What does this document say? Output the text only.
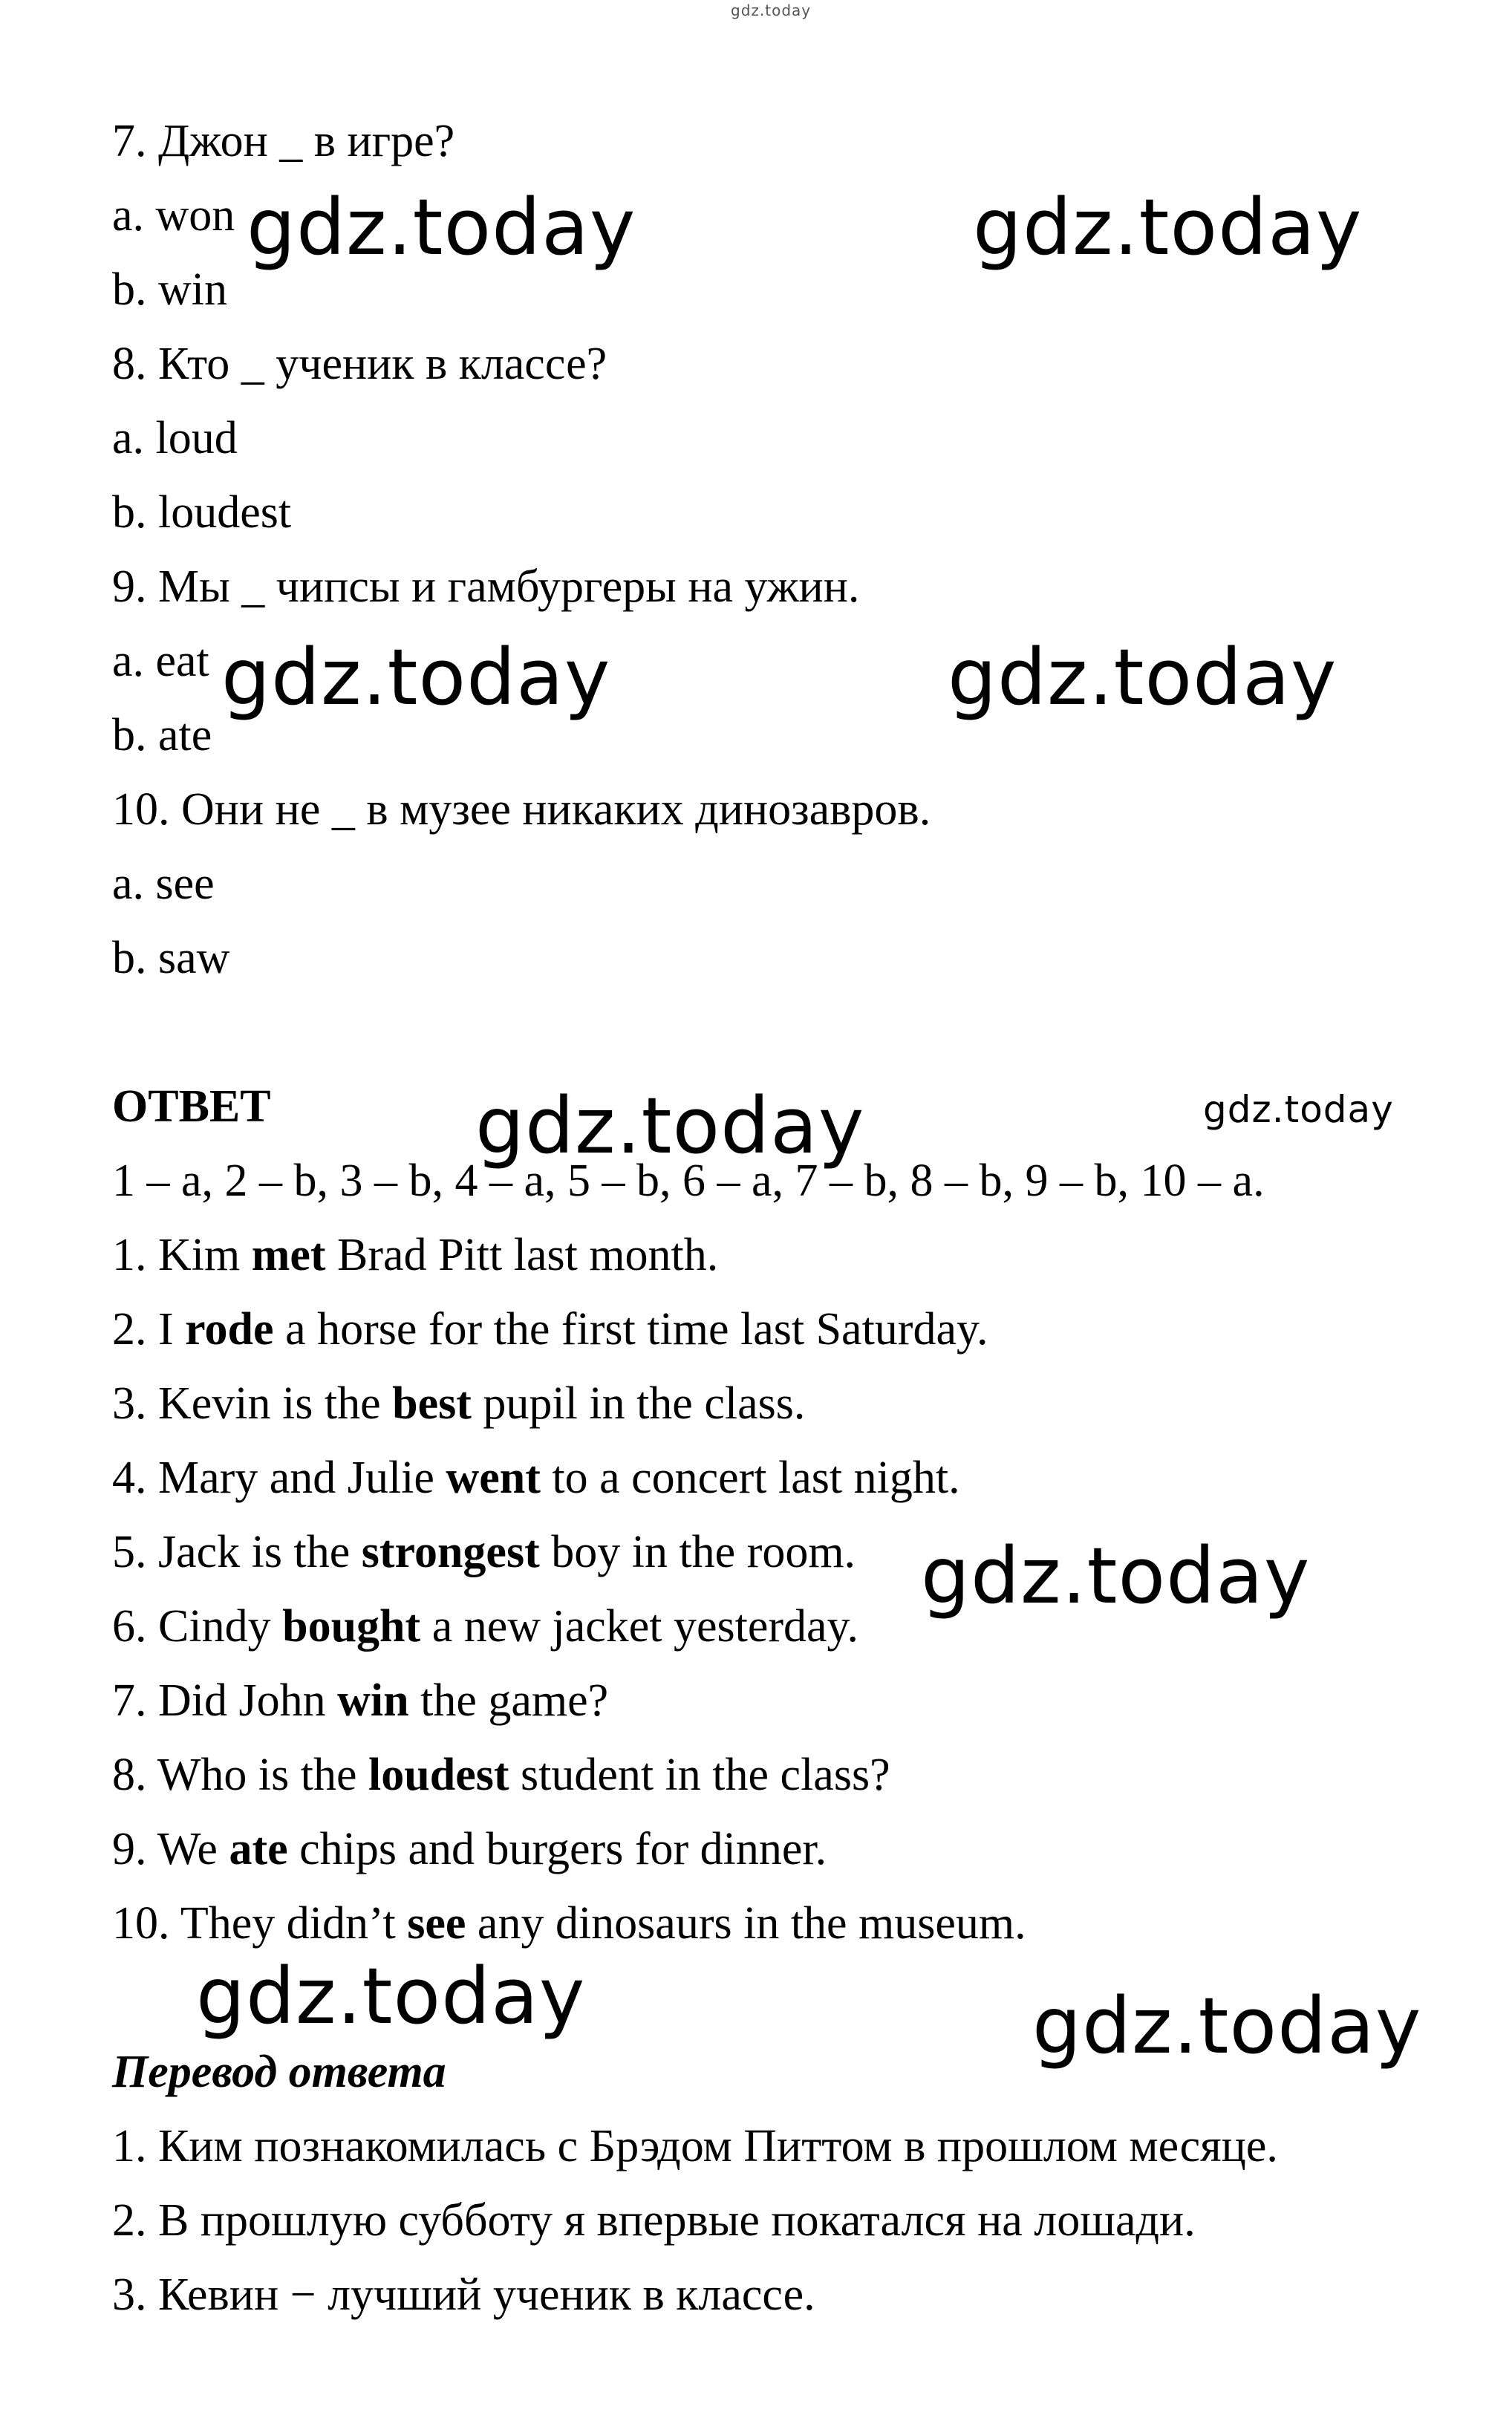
gdz.today
gdz.today	gdz.today
gdz.today	gdz.today
gdz.today	gdz.today
gdz.today
gdz.today	gdz.today
7. Джон _ в игре?
a. won
b. win
8. Кто _ ученик в классе?
a. loud
b. loudest
9. Мы _ чипсы и гамбургеры на ужин.
a. eat
b. ate
10. Они не _ в музее никаких динозавров.
a. see
b. saw
ОТВЕТ
1 – a, 2 – b, 3 – b, 4 – a, 5 – b, 6 – a, 7 – b, 8 – b, 9 – b, 10 – a.
1. Kim met Brad Pitt last month.
2. I rode a horse for the first time last Saturday.
3. Kevin is the best pupil in the class.
4. Mary and Julie went to a concert last night.
5. Jack is the strongest boy in the room.
6. Cindy bought a new jacket yesterday.
7. Did John win the game?
8. Who is the loudest student in the class?
9. We ate chips and burgers for dinner.
10. They didn’t see any dinosaurs in the museum.
Перевод ответа
1. Ким познакомилась с Брэдом Питтом в прошлом месяце.
2. В прошлую субботу я впервые покатался на лошади.
3. Кевин − лучший ученик в классе.
